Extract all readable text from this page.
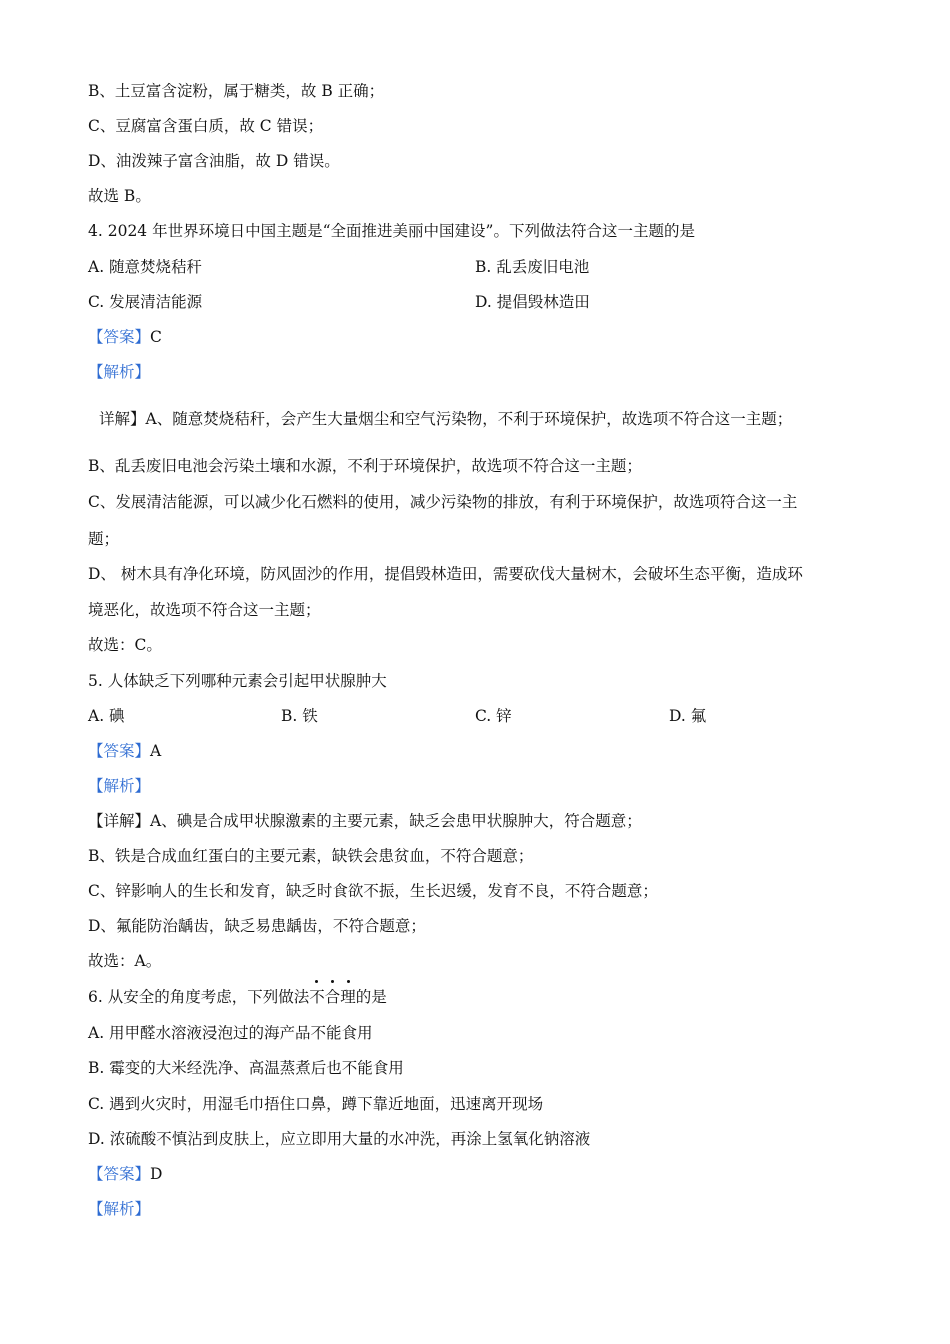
B、土豆富含淀粉，属于糖类，故 B 正确；
C、豆腐富含蛋白质，故 C 错误；
D、油泼辣子富含油脂，故 D 错误。
故选 B。
4. 2024 年世界环境日中国主题是“全面推进美丽中国建设”。下列做法符合这一主题的是
A. 随意焚烧秸秆	B. 乱丢废旧电池
C. 发展清洁能源	D. 提倡毁林造田
【答案】C
【解析】
详解】A、随意焚烧秸秆，会产生大量烟尘和空气污染物，不利于环境保护，故选项不符合这一主题；
B、乱丢废旧电池会污染土壤和水源，不利于环境保护，故选项不符合这一主题；
C、发展清洁能源，可以减少化石燃料的使用，减少污染物的排放，有利于环境保护，故选项符合这一主
题；
D、 树木具有净化环境，防风固沙的作用，提倡毁林造田，需要砍伐大量树木，会破坏生态平衡，造成环
境恶化，故选项不符合这一主题；
故选：C。
5. 人体缺乏下列哪种元素会引起甲状腺肿大
A. 碘	B. 铁	C. 锌	D. 氟
【答案】A
【解析】
【详解】A、碘是合成甲状腺激素的主要元素，缺乏会患甲状腺肿大，符合题意；
B、铁是合成血红蛋白的主要元素，缺铁会患贫血，不符合题意；
C、锌影响人的生长和发育，缺乏时食欲不振，生长迟缓，发育不良，不符合题意；
D、氟能防治龋齿，缺乏易患龋齿，不符合题意；
故选：A。
6. 从安全的角度考虑，下列做法不合理的是
A. 用甲醛水溶液浸泡过的海产品不能食用
B. 霉变的大米经洗净、高温蒸煮后也不能食用
C. 遇到火灾时，用湿毛巾捂住口鼻，蹲下靠近地面，迅速离开现场
D. 浓硫酸不慎沾到皮肤上，应立即用大量的水冲洗，再涂上氢氧化钠溶液
【答案】D
【解析】
